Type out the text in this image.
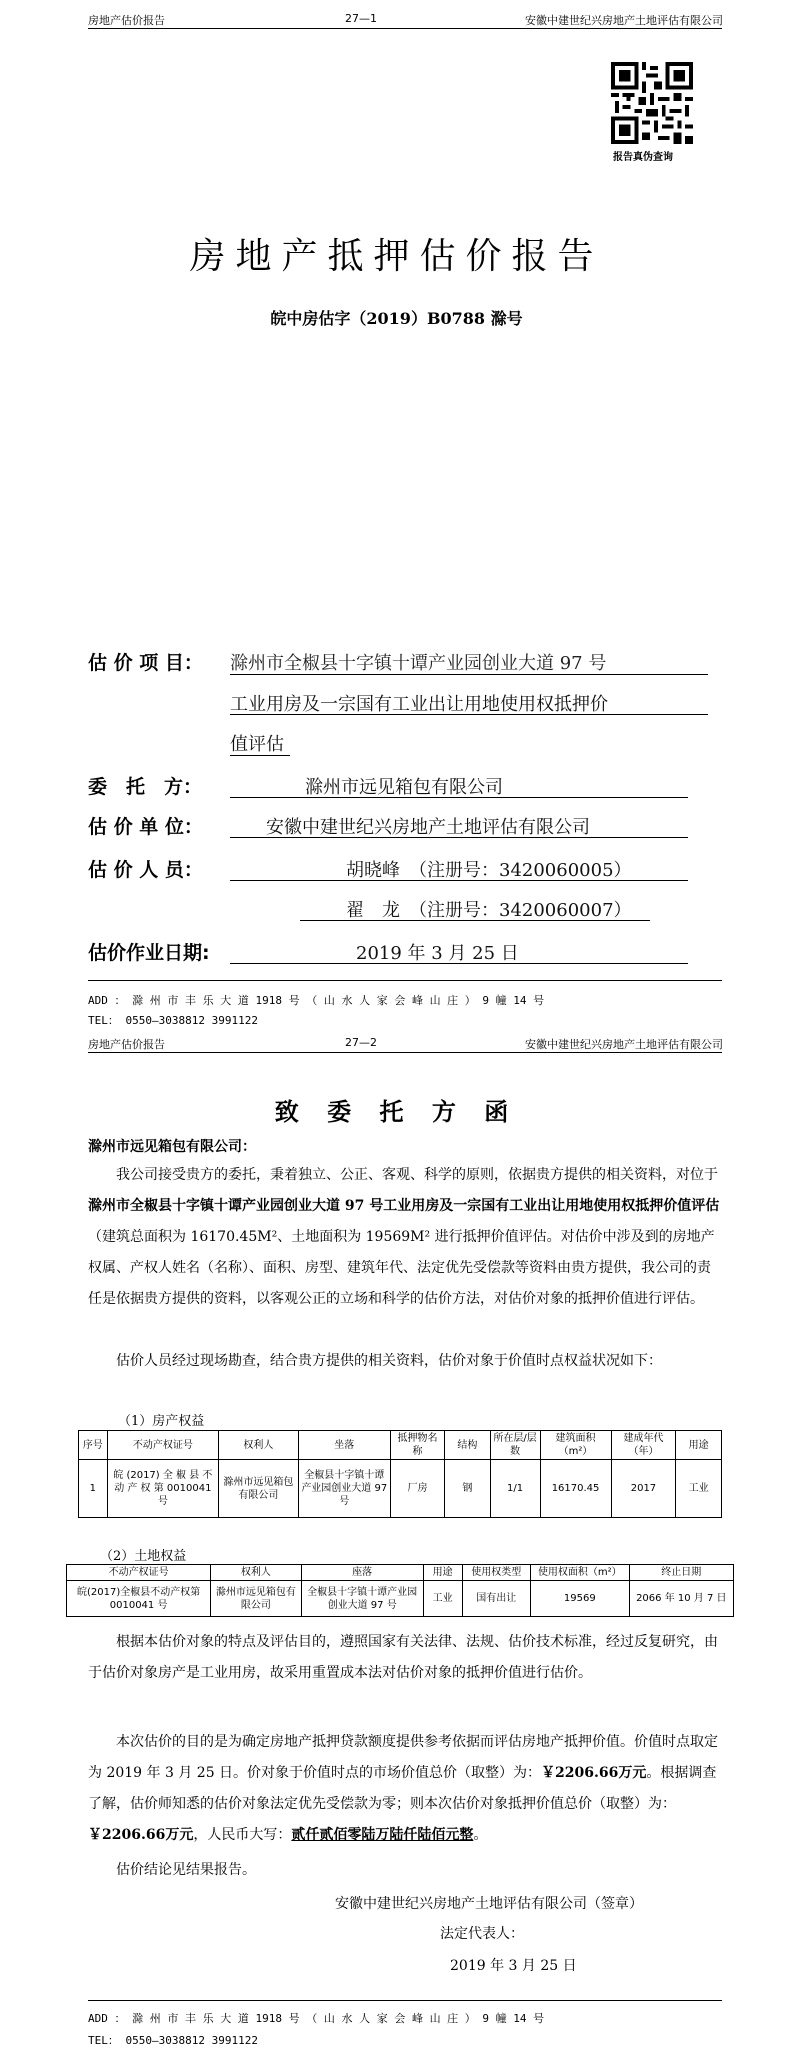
房地产估价报告	27—1	安徽中建世纪兴房地产土地评估有限公司
报告真伪查询
房地产抵押估价报告
皖中房估字（2019）B0788 滁号
估 价 项 目： 滁州市全椒县十字镇十谭产业园创业大道 97 号
工业用房及一宗国有工业出让用地使用权抵押价
值评估
委　托　方：	滁州市远见箱包有限公司
估 价 单 位：	安徽中建世纪兴房地产土地评估有限公司
估 价 人 员：	胡晓峰　（注册号：3420060005）
翟　龙　（注册号：3420060007）
估价作业日期:	2019 年 3 月 25 日
ADD ： 滁 州 市 丰 乐 大 道 1918 号 （ 山 水 人 家 会 峰 山 庄 ） 9 幢 14 号
TEL： 0550—3038812 3991122
房地产估价报告	27—2	安徽中建世纪兴房地产土地评估有限公司
致 委 托 方 函
滁州市远见箱包有限公司：
我公司接受贵方的委托，秉着独立、公正、客观、科学的原则，依据贵方提供的相关资料，对位于滁州市全椒县十字镇十谭产业园创业大道 97 号工业用房及一宗国有工业出让用地使用权抵押价值评估（建筑总面积为 16170.45M²、土地面积为 19569M² 进行抵押价值评估。对估价中涉及到的房地产权属、产权人姓名（名称）、面积、房型、建筑年代、法定优先受偿款等资料由贵方提供，我公司的责任是依据贵方提供的资料，以客观公正的立场和科学的估价方法，对估价对象的抵押价值进行评估。
估价人员经过现场勘查，结合贵方提供的相关资料，估价对象于价值时点权益状况如下：
（1）房产权益
序号	不动产权证号	权利人	坐落	抵押物名称	结构	所在层/层数	建筑面积（m²）	建成年代（年）	用途
1	皖 (2017) 全 椒 县 不 动 产 权 第 0010041 号	滁州市远见箱包有限公司	全椒县十字镇十谭产业园创业大道 97 号	厂房	钢	1/1	16170.45	2017	工业
（2）土地权益
不动产权证号	权利人	座落	用途	使用权类型	使用权面积（m²）	终止日期
皖(2017)全椒县不动产权第 0010041 号	滁州市远见箱包有限公司	全椒县十字镇十谭产业园创业大道 97 号	工业	国有出让	19569	2066 年 10 月 7 日
根据本估价对象的特点及评估目的，遵照国家有关法律、法规、估价技术标准，经过反复研究，由于估价对象房产是工业用房，故采用重置成本法对估价对象的抵押价值进行估价。
本次估价的目的是为确定房地产抵押贷款额度提供参考依据而评估房地产抵押价值。价值时点取定为 2019 年 3 月 25 日。价对象于价值时点的市场价值总价（取整）为：￥2206.66万元。根据调查了解，估价师知悉的估价对象法定优先受偿款为零；则本次估价对象抵押价值总价（取整）为：￥2206.66万元，人民币大写：贰仟贰佰零陆万陆仟陆佰元整。
估价结论见结果报告。
安徽中建世纪兴房地产土地评估有限公司（签章）
法定代表人：
2019 年 3 月 25 日
ADD ： 滁 州 市 丰 乐 大 道 1918 号 （ 山 水 人 家 会 峰 山 庄 ） 9 幢 14 号
TEL： 0550—3038812 3991122
